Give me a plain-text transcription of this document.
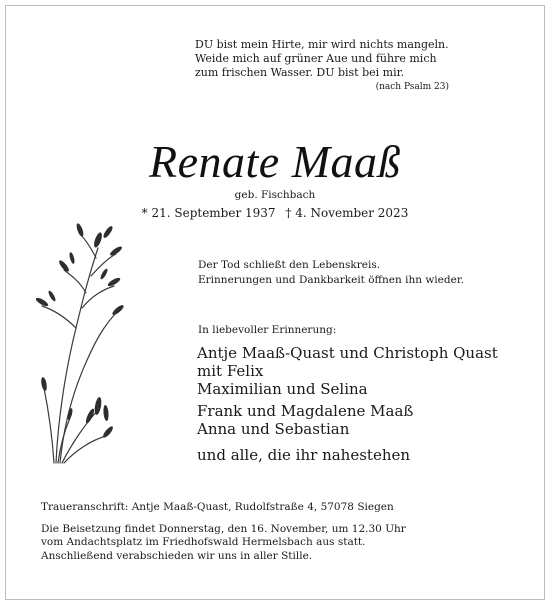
DU bist mein Hirte, mir wird nichts mangeln.
Weide mich auf grüner Aue und führe mich
zum frischen Wasser. DU bist bei mir.
(nach Psalm 23)
Renate Maaß
geb. Fischbach
* 21. September 1937 † 4. November 2023
Der Tod schließt den Lebenskreis.
Erinnerungen und Dankbarkeit öffnen ihn wieder.
In liebevoller Erinnerung:
Antje Maaß-Quast und Christoph Quast
mit Felix
Maximilian und Selina
Frank und Magdalene Maaß
Anna und Sebastian
und alle, die ihr nahestehen
Traueranschrift: Antje Maaß-Quast, Rudolfstraße 4, 57078 Siegen
Die Beisetzung findet Donnerstag, den 16. November, um 12.30 Uhr
vom Andachtsplatz im Friedhofswald Hermelsbach aus statt.
Anschließend verabschieden wir uns in aller Stille.
